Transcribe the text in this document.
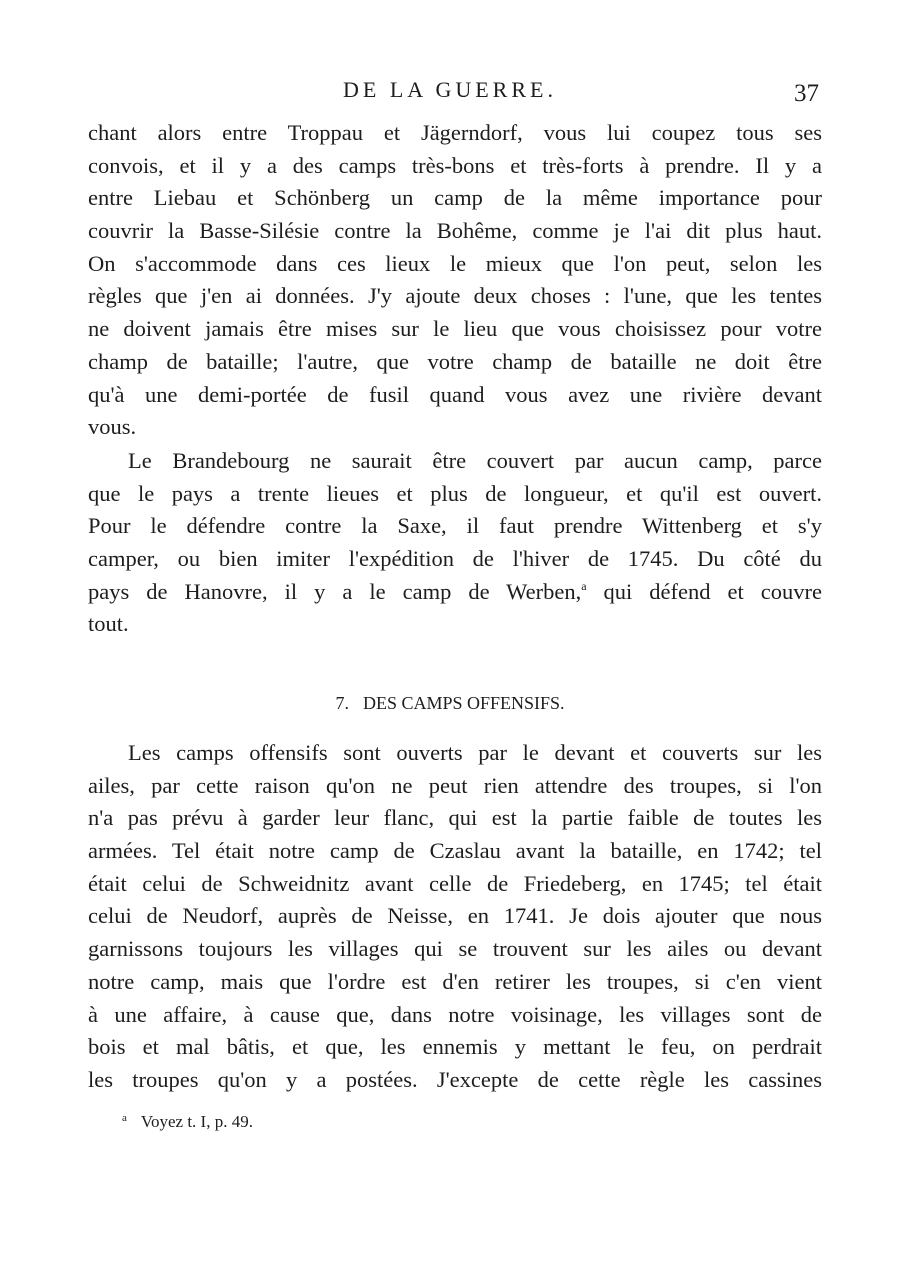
DE LA GUERRE.	37
chant alors entre Troppau et Jägerndorf, vous lui coupez tous ses
convois, et il y a des camps très-bons et très-forts à prendre. Il y a
entre Liebau et Schönberg un camp de la même importance pour
couvrir la Basse-Silésie contre la Bohême, comme je l'ai dit plus haut.
On s'accommode dans ces lieux le mieux que l'on peut, selon les
règles que j'en ai données. J'y ajoute deux choses : l'une, que les tentes
ne doivent jamais être mises sur le lieu que vous choisissez pour votre
champ de bataille; l'autre, que votre champ de bataille ne doit être
qu'à une demi-portée de fusil quand vous avez une rivière devant
vous.
Le Brandebourg ne saurait être couvert par aucun camp, parce
que le pays a trente lieues et plus de longueur, et qu'il est ouvert.
Pour le défendre contre la Saxe, il faut prendre Wittenberg et s'y
camper, ou bien imiter l'expédition de l'hiver de 1745. Du côté du
pays de Hanovre, il y a le camp de Werben,$^a$ qui défend et couvre
tout.
7. DES CAMPS OFFENSIFS.
Les camps offensifs sont ouverts par le devant et couverts sur les
ailes, par cette raison qu'on ne peut rien attendre des troupes, si l'on
n'a pas prévu à garder leur flanc, qui est la partie faible de toutes les
armées. Tel était notre camp de Czaslau avant la bataille, en 1742; tel
était celui de Schweidnitz avant celle de Friedeberg, en 1745; tel était
celui de Neudorf, auprès de Neisse, en 1741. Je dois ajouter que nous
garnissons toujours les villages qui se trouvent sur les ailes ou devant
notre camp, mais que l'ordre est d'en retirer les troupes, si c'en vient
à une affaire, à cause que, dans notre voisinage, les villages sont de
bois et mal bâtis, et que, les ennemis y mettant le feu, on perdrait
les troupes qu'on y a postées. J'excepte de cette règle les cassines
$^a$ Voyez t. I, p. 49.
